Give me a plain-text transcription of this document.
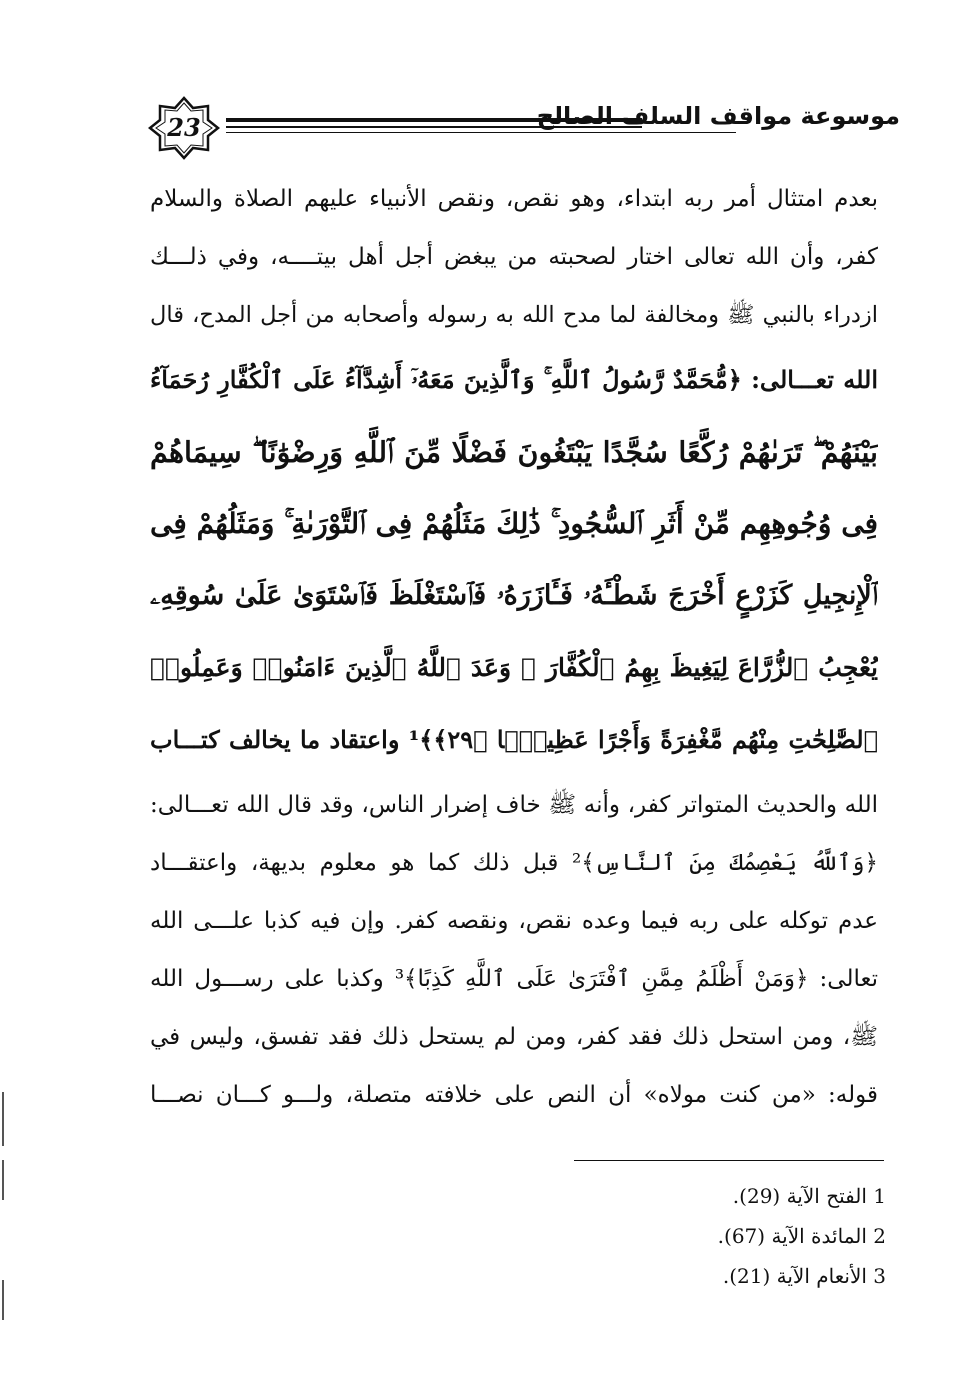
23	موسوعة مواقف السلف الصالح
بعدم امتثال أمر ربه ابتداء، وهو نقص، ونقص الأنبياء عليهم الصلاة والسلام
كفر، وأن الله تعالى اختار لصحبته من يبغض أجل أهل بيتــــه، وفي ذلـــك
ازدراء بالنبي ﷺ ومخالفة لما مدح الله به رسوله وأصحابه من أجل المدح، قال
الله تعـــالى: ﴿مُّحَمَّدٌ رَّسُولُ ٱللَّهِ ۚ وَٱلَّذِينَ مَعَهُۥٓ أَشِدَّآءُ عَلَى ٱلْكُفَّارِ رُحَمَآءُ
بَيْنَهُمْ ۖ تَرَىٰهُمْ رُكَّعًا سُجَّدًا يَبْتَغُونَ فَضْلًا مِّنَ ٱللَّهِ وَرِضْوَٰنًا ۖ سِيمَاهُمْ
فِى وُجُوهِهِم مِّنْ أَثَرِ ٱلسُّجُودِ ۚ ذَٰلِكَ مَثَلُهُمْ فِى ٱلتَّوْرَىٰةِ ۚ وَمَثَلُهُمْ فِى
ٱلْإِنجِيلِ كَزَرْعٍ أَخْرَجَ شَطْـَٔهُۥ فَـَٔازَرَهُۥ فَٱسْتَغْلَظَ فَٱسْتَوَىٰ عَلَىٰ سُوقِهِۦ
يُعْجِبُ ٱلزُّرَّاعَ لِيَغِيظَ بِهِمُ ٱلْكُفَّارَ ۗ وَعَدَ ٱللَّهُ ٱلَّذِينَ ءَامَنُوا۟ وَعَمِلُوا۟
ٱلصَّٰلِحَٰتِ مِنْهُم مَّغْفِرَةً وَأَجْرًا عَظِيمًۢا ﴿٢٩﴾﴾¹ واعتقاد ما يخالف كتـــاب
الله والحديث المتواتر كفر، وأنه ﷺ خاف إضرار الناس، وقد قال الله تعـــالى:
﴿وَٱللَّهُ يَعْصِمُكَ مِنَ ٱلنَّاسِ﴾² قبل ذلك كما هو معلوم بديهة، واعتقـــاد
عدم توكله على ربه فيما وعده نقص، ونقصه كفر. وإن فيه كذبا علـــى الله
تعالى: ﴿وَمَنْ أَظْلَمُ مِمَّنِ ٱفْتَرَىٰ عَلَى ٱللَّهِ كَذِبًا﴾³ وكذبا على رســـول الله
ﷺ، ومن استحل ذلك فقد كفر، ومن لم يستحل ذلك فقد تفسق، وليس في
قوله: «من كنت مولاه» أن النص على خلافته متصلة، ولـــو كـــان نصـــا
1 الفتح الآية (29).
2 المائدة الآية (67).
3 الأنعام الآية (21).
